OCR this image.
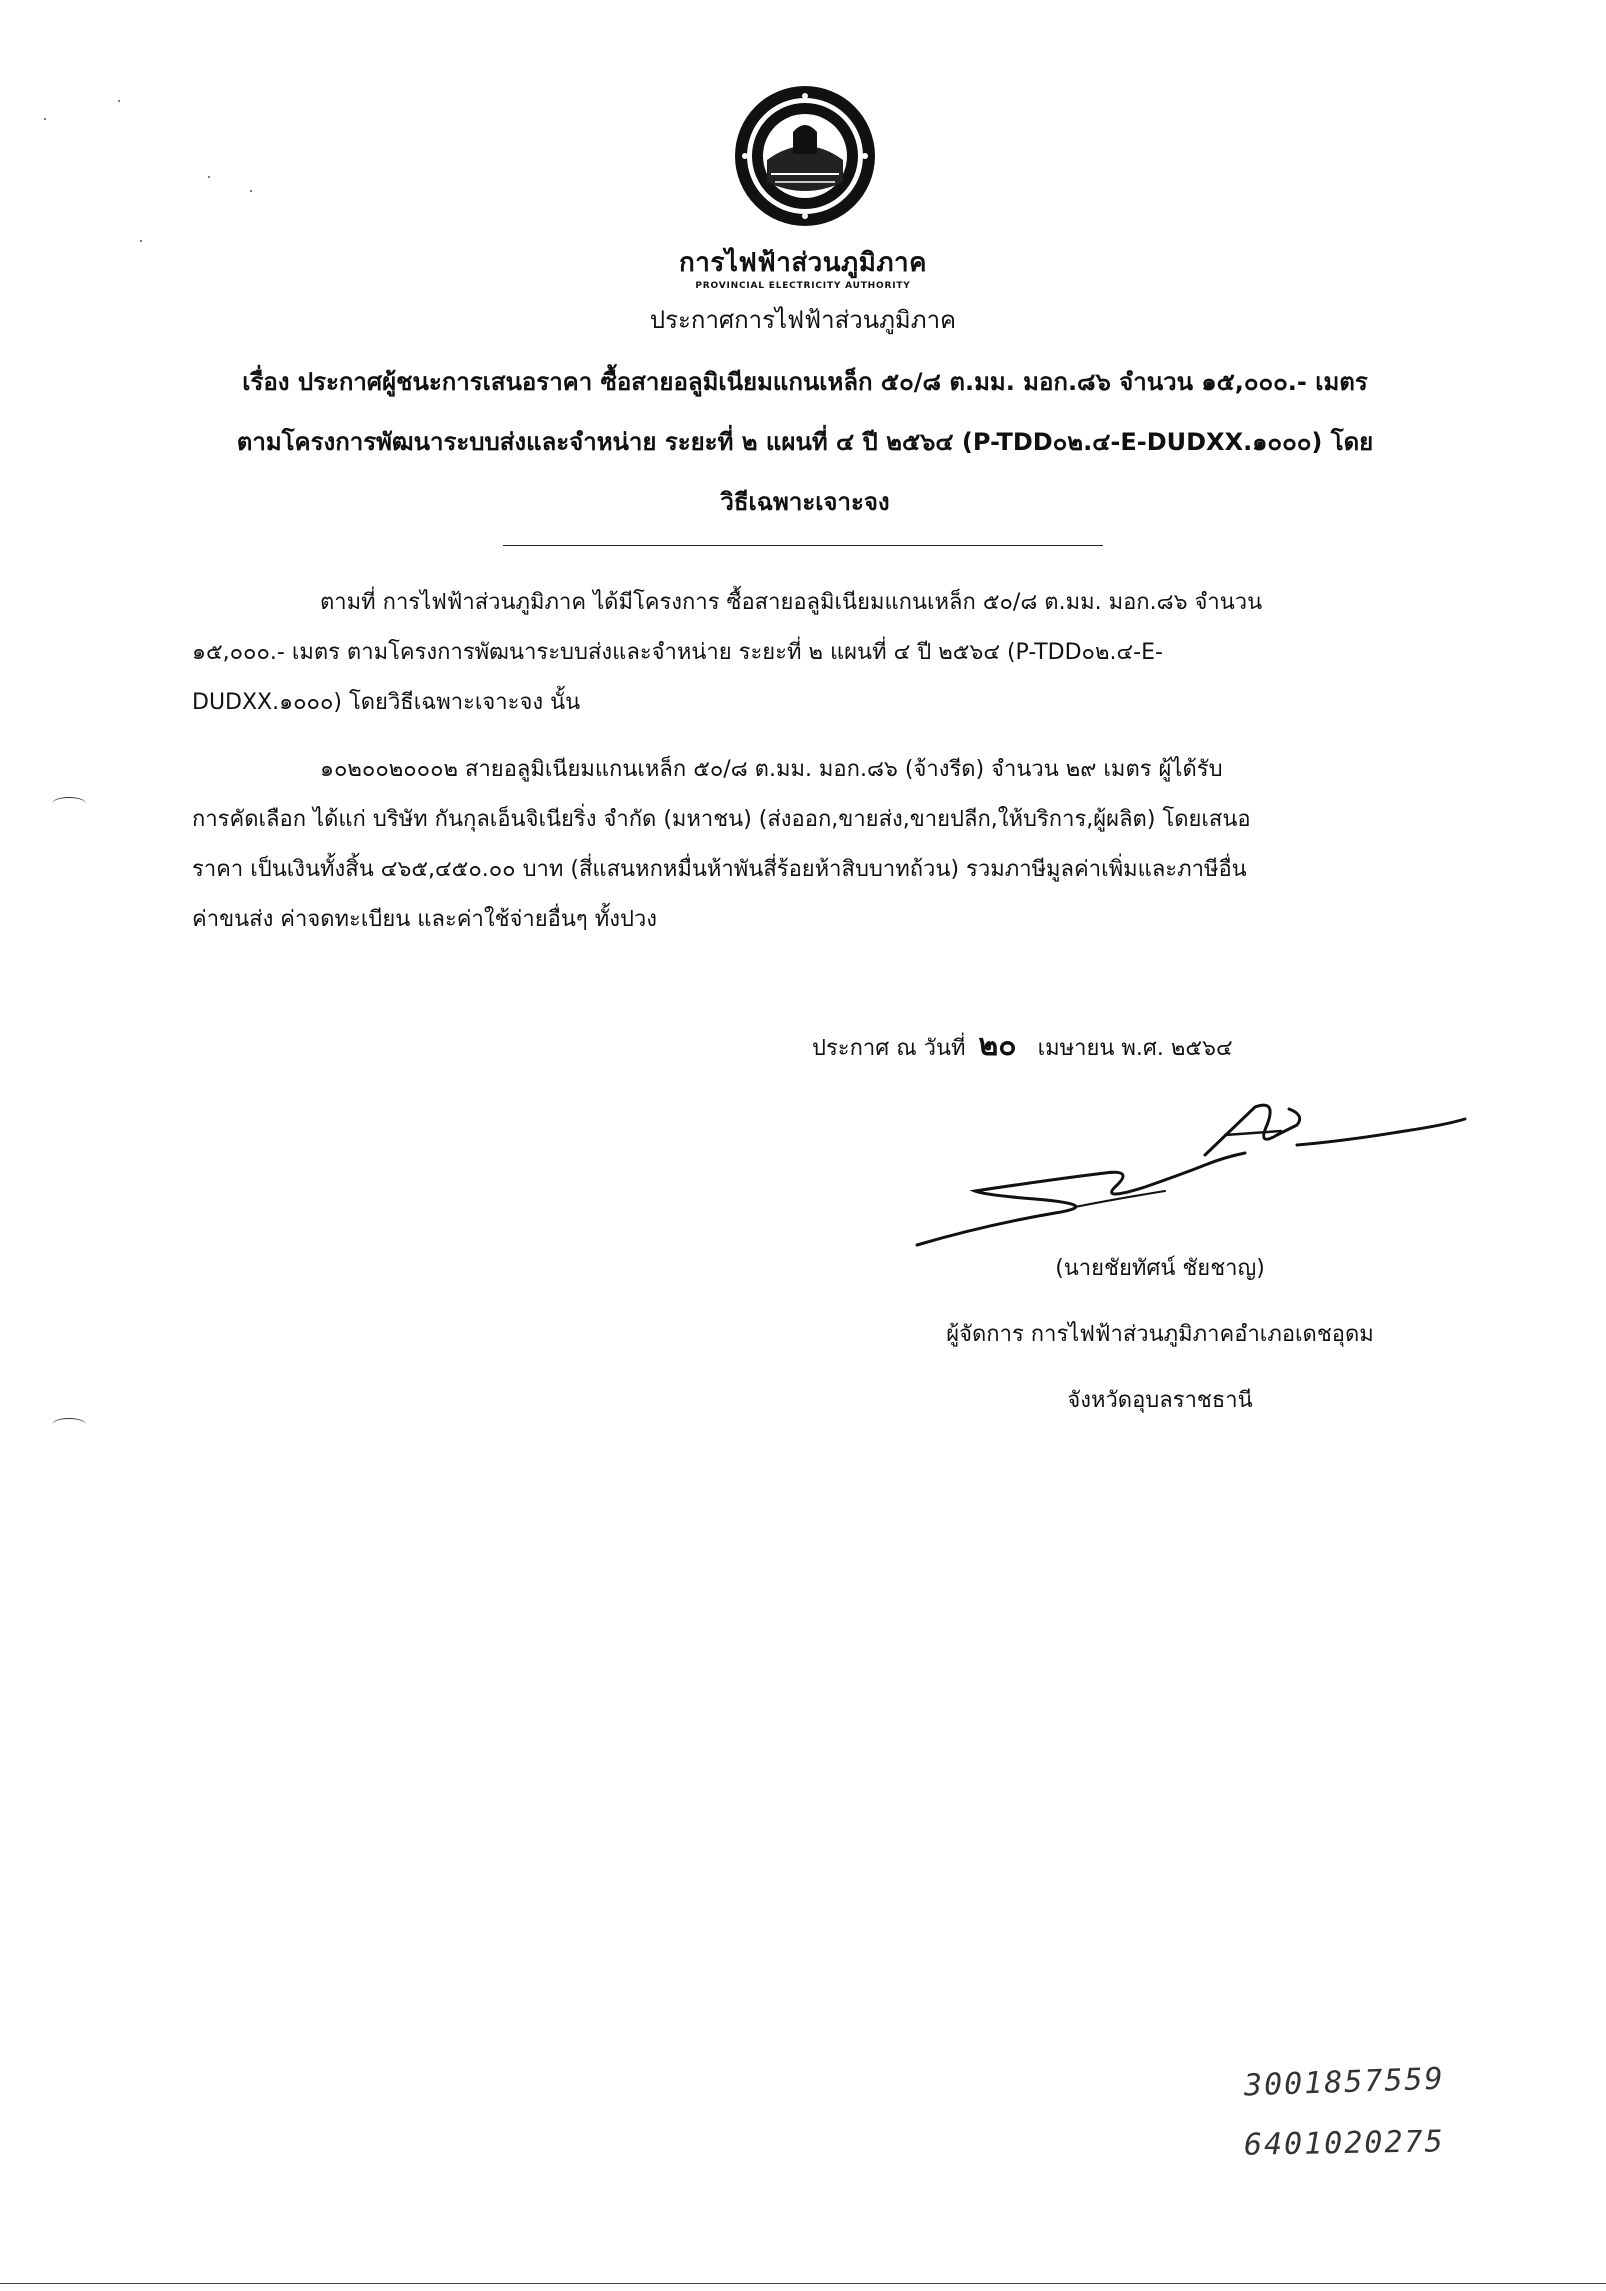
การไฟฟ้าส่วนภูมิภาค
PROVINCIAL ELECTRICITY AUTHORITY
ประกาศการไฟฟ้าส่วนภูมิภาค
เรื่อง ประกาศผู้ชนะการเสนอราคา ซื้อสายอลูมิเนียมแกนเหล็ก ๕๐/๘ ต.มม. มอก.๘๖ จำนวน ๑๕,๐๐๐.- เมตร
ตามโครงการพัฒนาระบบส่งและจำหน่าย ระยะที่ ๒ แผนที่ ๔ ปี ๒๕๖๔ (P-TDD๐๒.๔-E-DUDXX.๑๐๐๐) โดย
วิธีเฉพาะเจาะจง
ตามที่ การไฟฟ้าส่วนภูมิภาค ได้มีโครงการ ซื้อสายอลูมิเนียมแกนเหล็ก ๕๐/๘ ต.มม. มอก.๘๖ จำนวน
๑๕,๐๐๐.- เมตร ตามโครงการพัฒนาระบบส่งและจำหน่าย ระยะที่ ๒ แผนที่ ๔ ปี ๒๕๖๔ (P-TDD๐๒.๔-E-
DUDXX.๑๐๐๐) โดยวิธีเฉพาะเจาะจง นั้น
๑๐๒๐๐๒๐๐๐๒ สายอลูมิเนียมแกนเหล็ก ๕๐/๘ ต.มม. มอก.๘๖ (จ้างรีด) จำนวน ๒๙ เมตร ผู้ได้รับ
การคัดเลือก ได้แก่ บริษัท กันกุลเอ็นจิเนียริ่ง จำกัด (มหาชน) (ส่งออก,ขายส่ง,ขายปลีก,ให้บริการ,ผู้ผลิต) โดยเสนอ
ราคา เป็นเงินทั้งสิ้น ๔๖๕,๔๕๐.๐๐ บาท (สี่แสนหกหมื่นห้าพันสี่ร้อยห้าสิบบาทถ้วน) รวมภาษีมูลค่าเพิ่มและภาษีอื่น
ค่าขนส่ง ค่าจดทะเบียน และค่าใช้จ่ายอื่นๆ ทั้งปวง
ประกาศ ณ วันที่ ๒๐ เมษายน พ.ศ. ๒๕๖๔
(นายชัยทัศน์ ชัยชาญ)
ผู้จัดการ การไฟฟ้าส่วนภูมิภาคอำเภอเดชอุดม
จังหวัดอุบลราชธานี
3001857559
6401020275
